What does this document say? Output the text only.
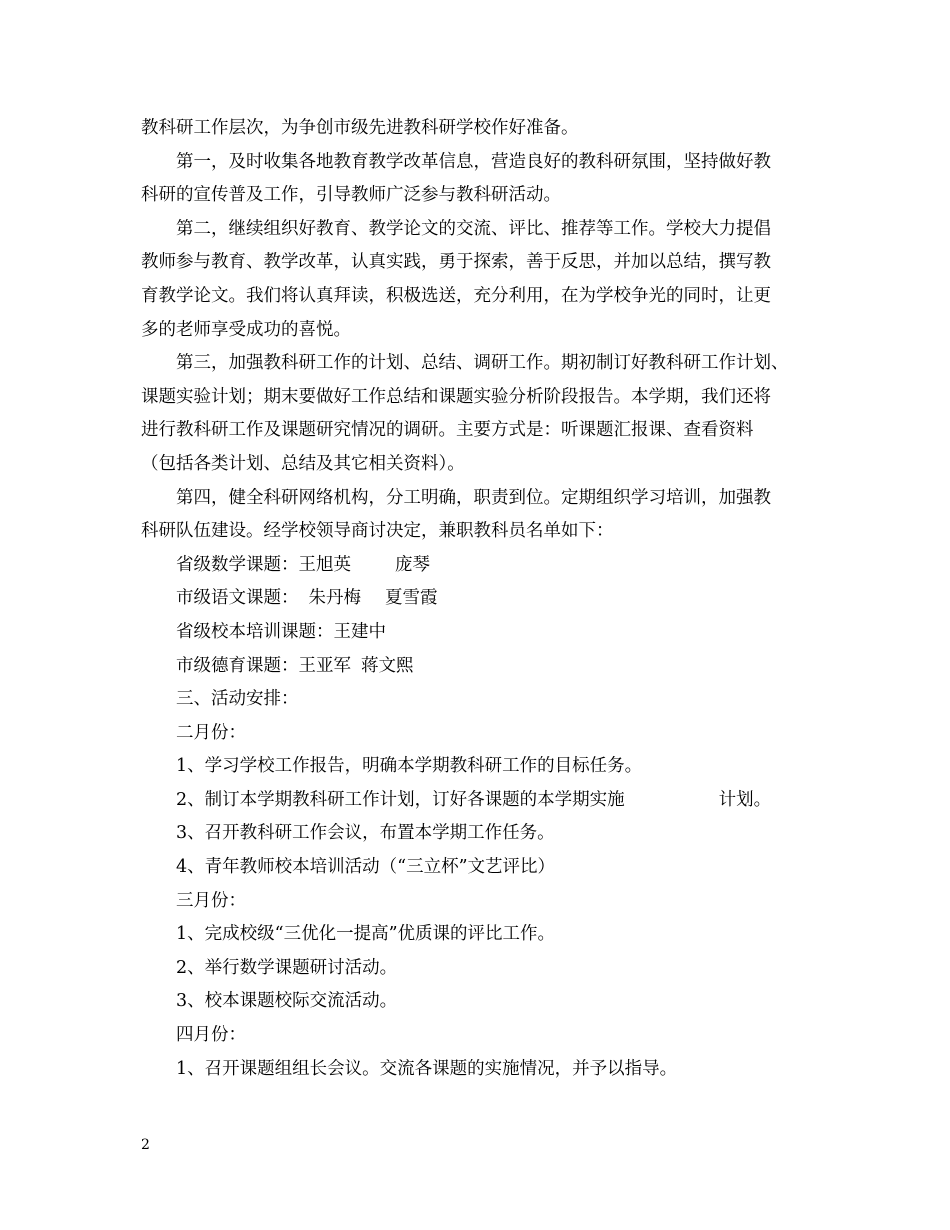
教科研工作层次，为争创市级先进教科研学校作好准备。
第一，及时收集各地教育教学改革信息，营造良好的教科研氛围，坚持做好教
科研的宣传普及工作，引导教师广泛参与教科研活动。
第二，继续组织好教育、教学论文的交流、评比、推荐等工作。学校大力提倡
教师参与教育、教学改革，认真实践，勇于探索，善于反思，并加以总结，撰写教
育教学论文。我们将认真拜读，积极选送，充分利用，在为学校争光的同时，让更
多的老师享受成功的喜悦。
第三，加强教科研工作的计划、总结、调研工作。期初制订好教科研工作计划、
课题实验计划；期末要做好工作总结和课题实验分析阶段报告。本学期，我们还将
进行教科研工作及课题研究情况的调研。主要方式是：听课题汇报课、查看资料
（包括各类计划、总结及其它相关资料）。
第四，健全科研网络机构，分工明确，职责到位。定期组织学习培训，加强教
科研队伍建设。经学校领导商讨决定，兼职教科员名单如下：
省级数学课题：王旭英	庞琴
市级语文课题： 朱丹梅 夏雪霞
省级校本培训课题：王建中
市级德育课题：王亚军 蒋文熙
三、活动安排：
二月份：
1、学习学校工作报告，明确本学期教科研工作的目标任务。
2、制订本学期教科研工作计划，订好各课题的本学期实施	计划。
3、召开教科研工作会议，布置本学期工作任务。
4、青年教师校本培训活动（“三立杯”文艺评比）
三月份：
1、完成校级“三优化一提高”优质课的评比工作。
2、举行数学课题研讨活动。
3、校本课题校际交流活动。
四月份：
1、召开课题组组长会议。交流各课题的实施情况，并予以指导。
2
